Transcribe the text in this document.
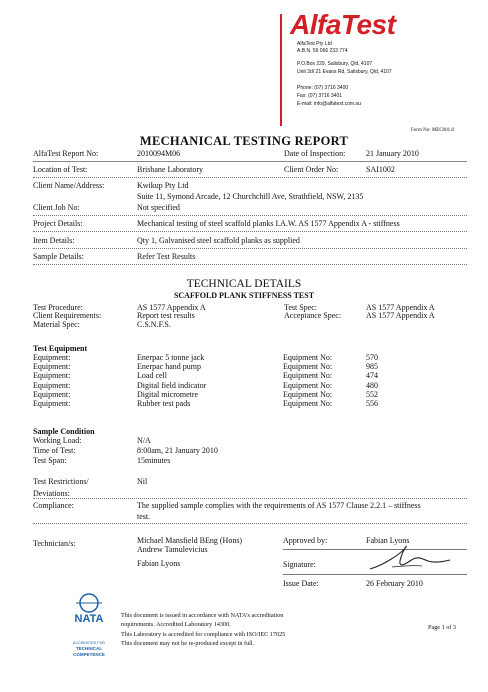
AlfaTest
AlfaTest Pty Ltd
A.B.N. 59 066 233 774
P.O.Box 229, Salisbury, Qld, 4107
Unit 3d/ 21 Evans Rd, Salisbury, Qld, 4107
Phone: (07) 3716 3400
Fax: (07) 3716 3401
E-mail: info@alfatest.com.au
Form No: MEC001.8
MECHANICAL TESTING REPORT
AlfaTest Report No:	2010094M06	Date of Inspection:	21 January 2010
Location of Test:	Brisbane Laboratory	Client Order No:	SAI1002
Client Name/Address:	Kwikup Pty Ltd
Suite 11, Symond Arcade, 12 Churchchill Ave, Strathfield, NSW, 2135
Client Job No:	Not specified
Project Details:	Mechanical testing of steel scaffold planks I.A.W. AS 1577 Appendix A - stiffness
Item Details:	Qty 1, Galvanised steel scaffold planks as supplied
Sample Details:	Refer Test Results
TECHNICAL DETAILS
SCAFFOLD PLANK STIFFNESS TEST
Test Procedure:	AS 1577 Appendix A	Test Spec:	AS 1577 Appendix A
Client Requirements:	Report test results	Acceptance Spec:	AS 1577 Appendix A
Material Spec:	C.S.N.F.S.
Test Equipment
Equipment:	Enerpac 5 tonne jack	Equipment No:	570
Equipment:	Enerpac hand pump	Equipment No:	985
Equipment:	Load cell	Equipment No:	474
Equipment:	Digital field indicator	Equipment No:	480
Equipment:	Digital micrometre	Equipment No:	552
Equipment:	Rubber test pads	Equipment No:	556
Sample Condition
Working Load:	N/A
Time of Test:	8:00am, 21 January 2010
Test Span:	15minutes
Test Restrictions/	Nil
Deviations:
Compliance:	The supplied sample complies with the requirements of AS 1577 Clause 2.2.1 – stiffness
test.
Technician/s:	Michael Mansfield BEng (Hons)
Andrew Tamulevicius
Fabian Lyons
Approved by:	Fabian Lyons
Signature:
Issue Date:	26 February 2010
NATA
ACCREDITED FOR
TECHNICAL
COMPETENCE
This document is issued in accordance with NATA’s accreditation
requirements. Accredited Laboratory 14300.
This Laboratory is accredited for compliance with ISO/IEC 17025
This document may not be re-produced except in full.
Page 1 of 3
